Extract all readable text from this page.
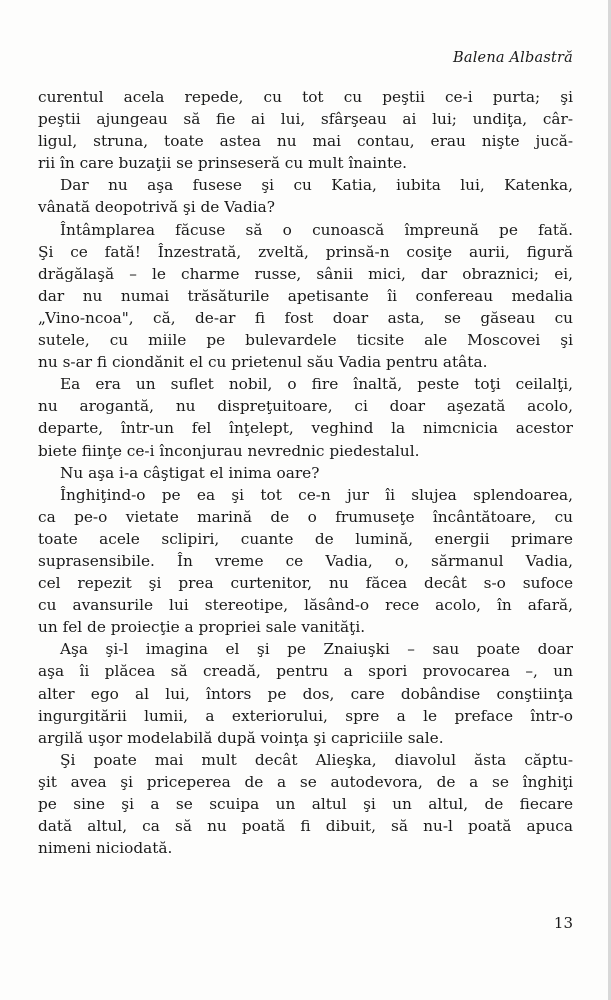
Balena Albastră
curentul acela repede, cu tot cu peştii ce-i purta; şi
peştii ajungeau să fie ai lui, sfârşeau ai lui; undiţa, câr-
ligul, struna, toate astea nu mai contau, erau nişte jucă-
rii în care buzaţii se prinseseră cu mult înainte.
Dar nu aşa fusese şi cu Katia, iubita lui, Katenka,
vânată deopotrivă şi de Vadia?
Întâmplarea făcuse să o cunoască împreună pe fată.
Şi ce fată! Înzestrată, zveltă, prinsă-n cosiţe aurii, figură
drăgălaşă – le charme russe, sânii mici, dar obraznici; ei,
dar nu numai trăsăturile apetisante îi confereau medalia
„Vino-ncoa", că, de-ar fi fost doar asta, se găseau cu
sutele, cu miile pe bulevardele ticsite ale Moscovei şi
nu s-ar fi ciondănit el cu prietenul său Vadia pentru atâta.
Ea era un suflet nobil, o fire înaltă, peste toţi ceilalţi,
nu arogantă, nu dispreţuitoare, ci doar aşezată acolo,
departe, într-un fel înţelept, veghind la nimcnicia acestor
biete fiinţe ce-i înconjurau nevrednic piedestalul.
Nu aşa i-a câştigat el inima oare?
Înghiţind-o pe ea şi tot ce-n jur îi slujea splendoarea,
ca pe-o vietate marină de o frumuseţe încântătoare, cu
toate acele sclipiri, cuante de lumină, energii primare
suprasensibile. În vreme ce Vadia, o, sărmanul Vadia,
cel repezit şi prea curtenitor, nu făcea decât s-o sufoce
cu avansurile lui stereotipe, lăsând-o rece acolo, în afară,
un fel de proiecţie a propriei sale vanităţi.
Aşa şi-l imagina el şi pe Znaiuşki – sau poate doar
aşa îi plăcea să creadă, pentru a spori provocarea –, un
alter ego al lui, întors pe dos, care dobândise conştiinţa
ingurgitării lumii, a exteriorului, spre a le preface într-o
argilă uşor modelabilă după voinţa şi capriciile sale.
Şi poate mai mult decât Alieşka, diavolul ăsta căptu-
şit avea şi priceperea de a se autodevora, de a se înghiţi
pe sine şi a se scuipa un altul şi un altul, de fiecare
dată altul, ca să nu poată fi dibuit, să nu-l poată apuca
nimeni niciodată.
13
